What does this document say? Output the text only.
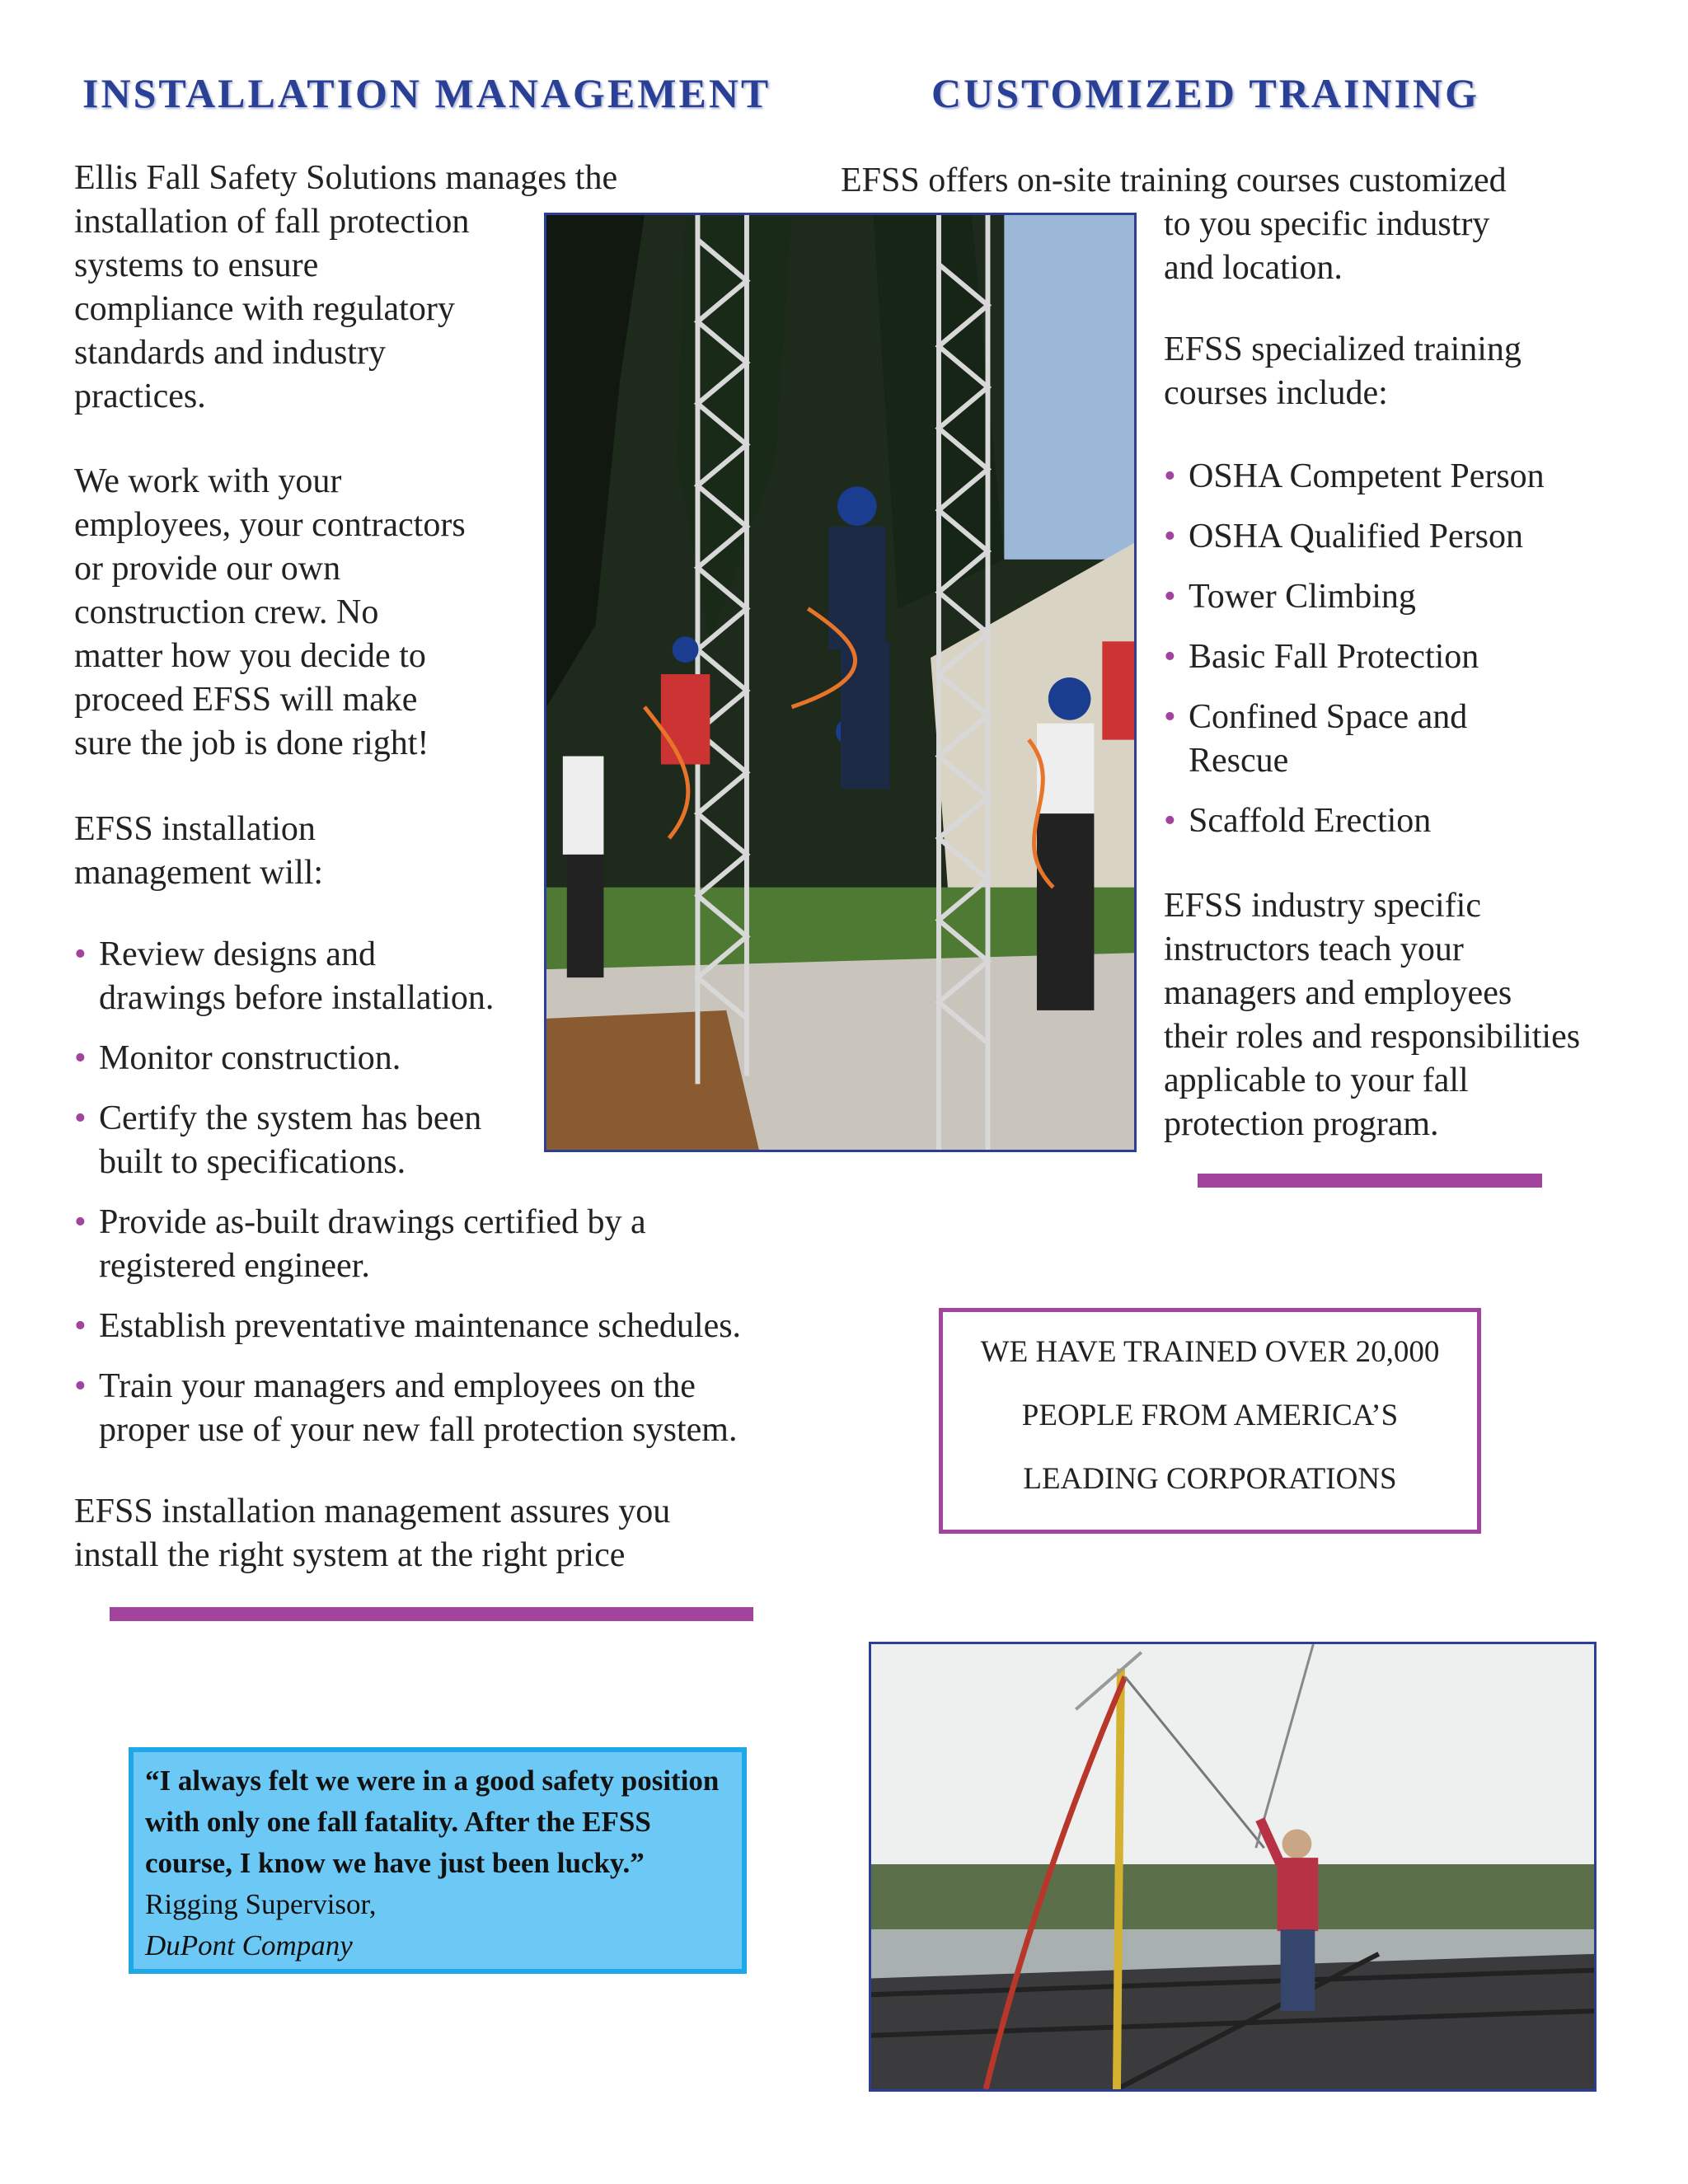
INSTALLATION MANAGEMENT	CUSTOMIZED TRAINING

Ellis Fall Safety Solutions manages the

installation of fall protection

systems to ensure

compliance with regulatory

standards and industry

practices.

We work with your

employees, your contractors

or provide our own

construction crew. No

matter how you decide to

proceed EFSS will make

sure the job is done right!

EFSS installation

management will:

• Review designs and
drawings before installation.
• Monitor construction.
• Certify the system has been
built to specifications.
• Provide as-built drawings certified by a
registered engineer.
• Establish preventative maintenance schedules.
• Train your managers and employees on the
proper use of your new fall protection system.

EFSS installation management assures you

install the right system at the right price

EFSS offers on-site training courses customized

to you specific industry

and location.

EFSS specialized training

courses include:

• OSHA Competent Person
• OSHA Qualified Person
• Tower Climbing
• Basic Fall Protection
• Confined Space and
Rescue
• Scaffold Erection

EFSS industry specific

instructors teach your

managers and employees

their roles and responsibilities

applicable to your fall

protection program.

WE HAVE TRAINED OVER 20,000
PEOPLE FROM AMERICA’S
LEADING CORPORATIONS
“I always felt we were in a good safety position
with only one fall fatality. After the EFSS
course, I know we have just been lucky.”
Rigging Supervisor,
DuPont Company
